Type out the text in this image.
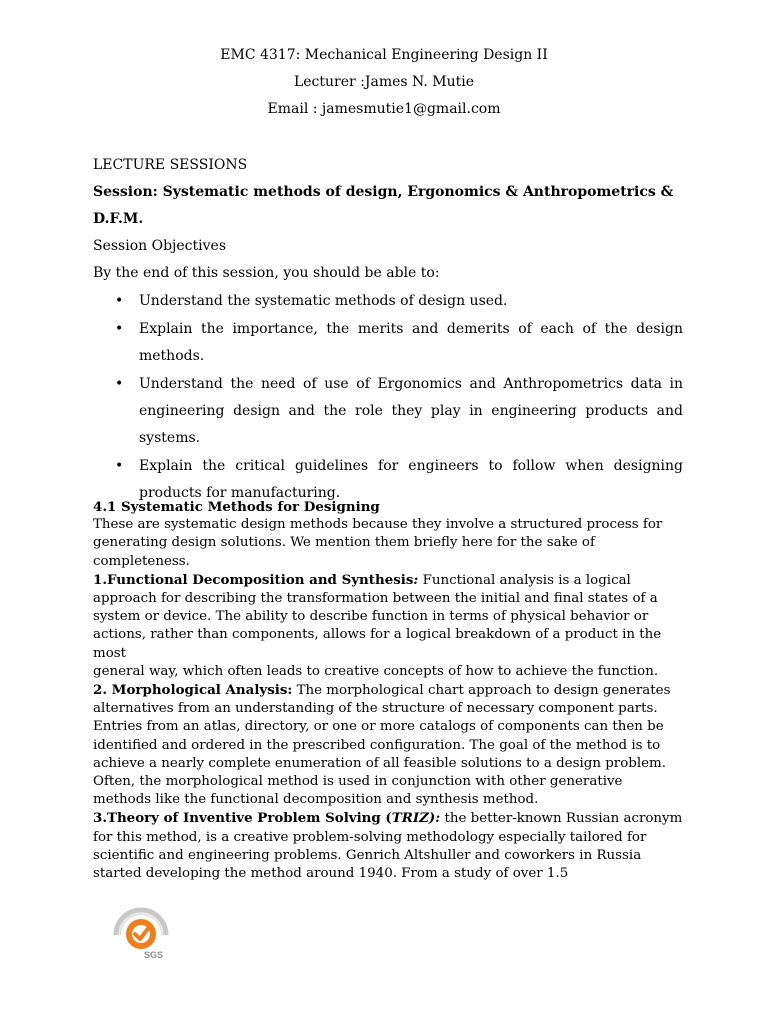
EMC 4317: Mechanical Engineering Design II
Lecturer :James N. Mutie
Email : jamesmutie1@gmail.com

LECTURE SESSIONS

Session: Systematic methods of design, Ergonomics & Anthropometrics & D.F.M.

Session Objectives

By the end of this session, you should be able to:

• Understand the systematic methods of design used.
• Explain the importance, the merits and demerits of each of the design methods.
• Understand the need of use of Ergonomics and Anthropometrics data in engineering design and the role they play in engineering products and systems.
• Explain the critical guidelines for engineers to follow when designing products for manufacturing.

4.1 Systematic Methods for Designing

These are systematic design methods because they involve a structured process for generating design solutions. We mention them briefly here for the sake of completeness.

1.Functional Decomposition and Synthesis: Functional analysis is a logical approach for describing the transformation between the initial and final states of a system or device. The ability to describe function in terms of physical behavior or actions, rather than components, allows for a logical breakdown of a product in the most

general way, which often leads to creative concepts of how to achieve the function.

2. Morphological Analysis: The morphological chart approach to design generates alternatives from an understanding of the structure of necessary component parts. Entries from an atlas, directory, or one or more catalogs of components can then be identified and ordered in the prescribed configuration. The goal of the method is to achieve a nearly complete enumeration of all feasible solutions to a design problem. Often, the morphological method is used in conjunction with other generative methods like the functional decomposition and synthesis method.

3.Theory of Inventive Problem Solving (TRIZ): the better-known Russian acronym for this method, is a creative problem-solving methodology especially tailored for scientific and engineering problems. Genrich Altshuller and coworkers in Russia started developing the method around 1940. From a study of over 1.5

SGS
